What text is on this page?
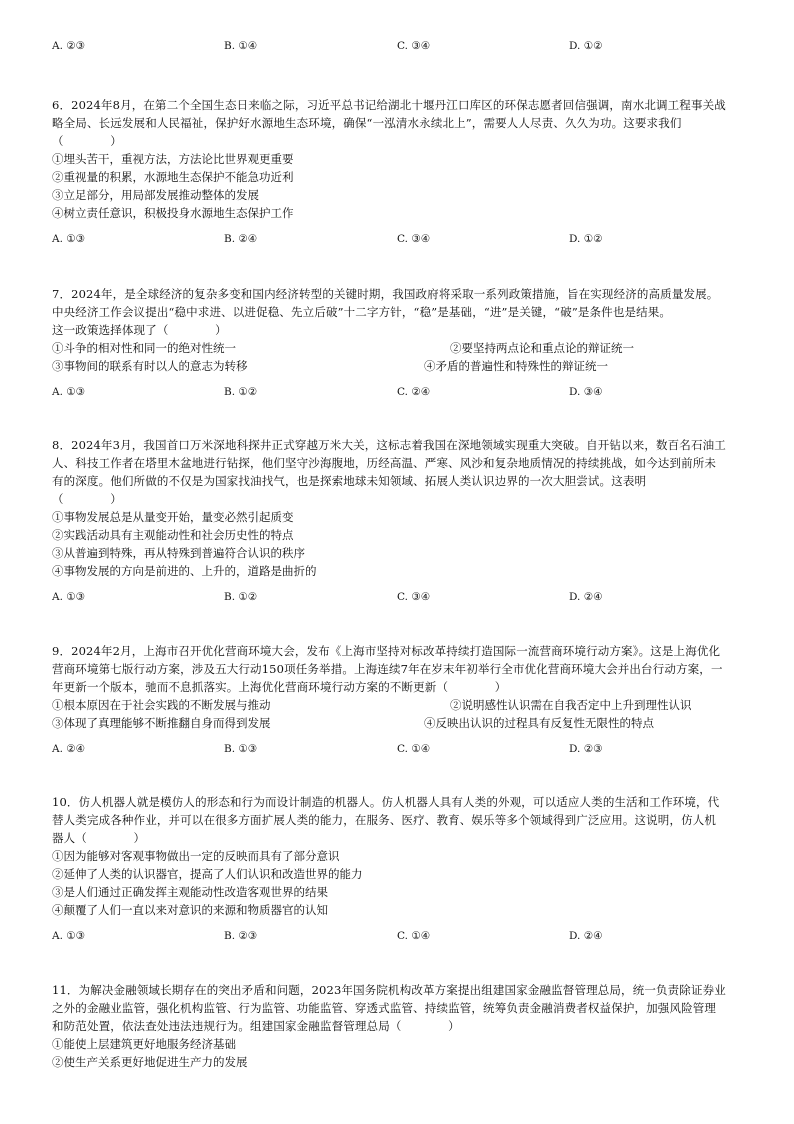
A. ②③	B. ①④	C. ③④	D. ①②
6．2024年8月，在第二个全国生态日来临之际，习近平总书记给湖北十堰丹江口库区的环保志愿者回信强调，南水北调工程事关战
略全局、长远发展和人民福祉，保护好水源地生态环境，确保“一泓清水永续北上”，需要人人尽责、久久为功。这要求我们
（　　　　）
①埋头苦干，重视方法，方法论比世界观更重要
②重视量的积累，水源地生态保护不能急功近利
③立足部分，用局部发展推动整体的发展
④树立责任意识，积极投身水源地生态保护工作
A. ①③	B. ②④	C. ③④	D. ①②
7．2024年，是全球经济的复杂多变和国内经济转型的关键时期，我国政府将采取一系列政策措施，旨在实现经济的高质量发展。
中央经济工作会议提出“稳中求进、以进促稳、先立后破”十二字方针，“稳”是基础，“进”是关键，“破”是条件也是结果。
这一政策选择体现了（　　　　）
①斗争的相对性和同一的绝对性统一	②要坚持两点论和重点论的辩证统一
③事物间的联系有时以人的意志为转移	④矛盾的普遍性和特殊性的辩证统一
A. ①③	B. ①②	C. ②④	D. ③④
8．2024年3月，我国首口万米深地科探井正式穿越万米大关，这标志着我国在深地领域实现重大突破。自开钻以来，数百名石油工
人、科技工作者在塔里木盆地进行钻探，他们坚守沙海腹地，历经高温、严寒、风沙和复杂地质情况的持续挑战，如今达到前所未
有的深度。他们所做的不仅是为国家找油找气，也是探索地球未知领域、拓展人类认识边界的一次大胆尝试。这表明
（　　　　）
①事物发展总是从量变开始，量变必然引起质变
②实践活动具有主观能动性和社会历史性的特点
③从普遍到特殊，再从特殊到普遍符合认识的秩序
④事物发展的方向是前进的、上升的，道路是曲折的
A. ①③	B. ①②	C. ③④	D. ②④
9．2024年2月，上海市召开优化营商环境大会，发布《上海市坚持对标改革持续打造国际一流营商环境行动方案》。这是上海优化
营商环境第七版行动方案，涉及五大行动150项任务举措。上海连续7年在岁末年初举行全市优化营商环境大会并出台行动方案，一
年更新一个版本，驰而不息抓落实。上海优化营商环境行动方案的不断更新（　　　　）
①根本原因在于社会实践的不断发展与推动	②说明感性认识需在自我否定中上升到理性认识
③体现了真理能够不断推翻自身而得到发展	④反映出认识的过程具有反复性无限性的特点
A. ②④	B. ①③	C. ①④	D. ②③
10．仿人机器人就是模仿人的形态和行为而设计制造的机器人。仿人机器人具有人类的外观，可以适应人类的生活和工作环境，代
替人类完成各种作业，并可以在很多方面扩展人类的能力，在服务、医疗、教育、娱乐等多个领域得到广泛应用。这说明，仿人机
器人（　　　　）
①因为能够对客观事物做出一定的反映而具有了部分意识
②延伸了人类的认识器官，提高了人们认识和改造世界的能力
③是人们通过正确发挥主观能动性改造客观世界的结果
④颠覆了人们一直以来对意识的来源和物质器官的认知
A. ①③	B. ②③	C. ①④	D. ②④
11．为解决金融领域长期存在的突出矛盾和问题，2023年国务院机构改革方案提出组建国家金融监督管理总局，统一负责除证券业
之外的金融业监管，强化机构监管、行为监管、功能监管、穿透式监管、持续监管，统筹负责金融消费者权益保护，加强风险管理
和防范处置，依法查处违法违规行为。组建国家金融监督管理总局（　　　　）
①能使上层建筑更好地服务经济基础
②使生产关系更好地促进生产力的发展
